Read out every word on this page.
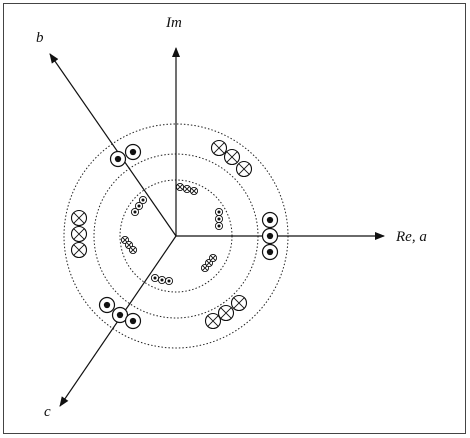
Im
Re, a
b
c
